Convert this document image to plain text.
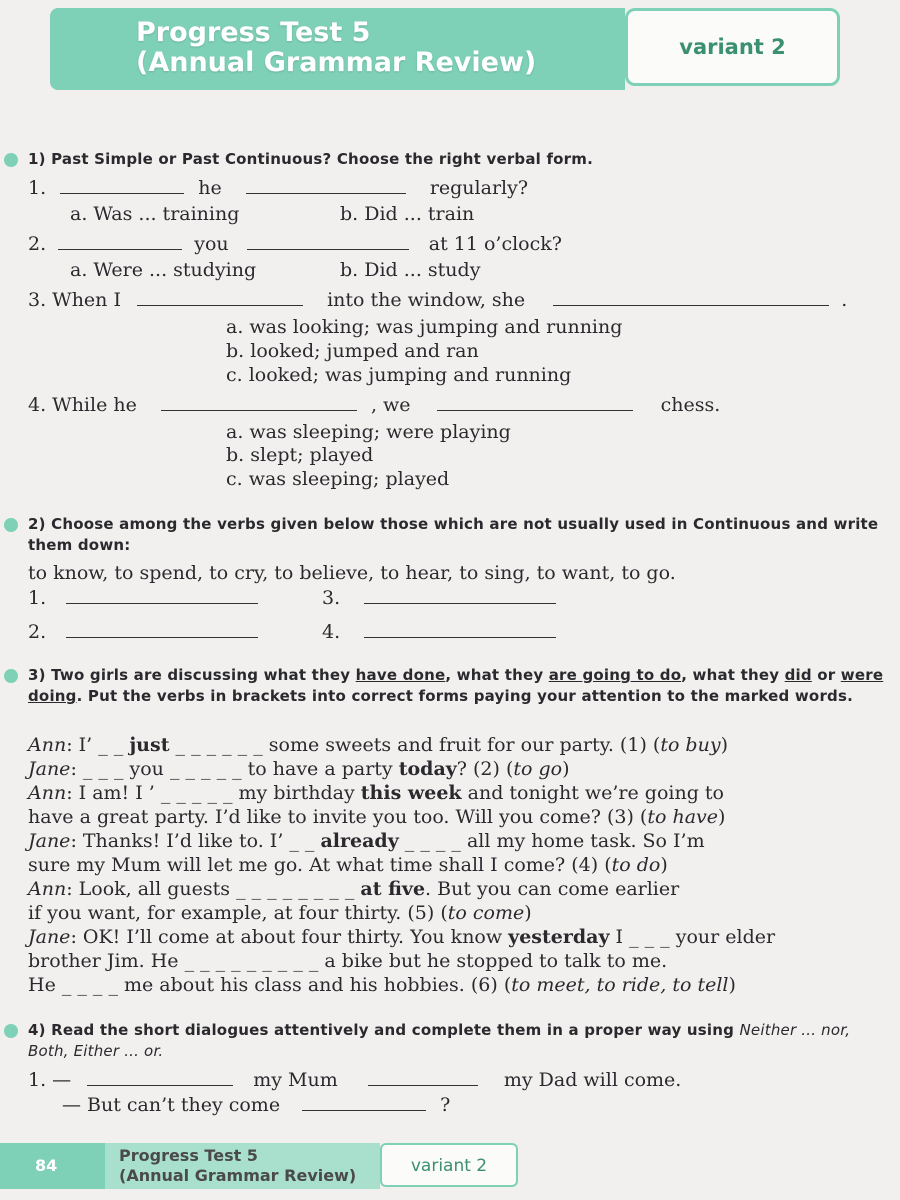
Progress Test 5
(Annual Grammar Review)	variant 2
1) Past Simple or Past Continuous? Choose the right verbal form.
1.	he	regularly?
a. Was ... training	b. Did ... train
2.	you	at 11 o’clock?
a. Were ... studying	b. Did ... study
3. When I	into the window, she	.
a. was looking; was jumping and running
b. looked; jumped and ran
c. looked; was jumping and running
4. While he	, we	chess.
a. was sleeping; were playing
b. slept; played
c. was sleeping; played
2) Choose among the verbs given below those which are not usually used in Continuous and write them down:
to know, to spend, to cry, to believe, to hear, to sing, to want, to go.
1.	3.
2.	4.
3) Two girls are discussing what they have done, what they are going to do, what they did or were doing. Put the verbs in brackets into correct forms paying your attention to the marked words.
Ann: I’ _ _ just _ _ _ _ _ _ some sweets and fruit for our party. (1) (to buy)
Jane: _ _ _ you _ _ _ _ _ to have a party today? (2) (to go)
Ann: I am! I ’ _ _ _ _ _ my birthday this week and tonight we’re going to
have a great party. I’d like to invite you too. Will you come? (3) (to have)
Jane: Thanks! I’d like to. I’ _ _ already _ _ _ _ all my home task. So I’m
sure my Mum will let me go. At what time shall I come? (4) (to do)
Ann: Look, all guests _ _ _ _ _ _ _ _ at five. But you can come earlier
if you want, for example, at four thirty. (5) (to come)
Jane: OK! I’ll come at about four thirty. You know yesterday I _ _ _ your elder
brother Jim. He _ _ _ _ _ _ _ _ _ a bike but he stopped to talk to me.
He _ _ _ _ me about his class and his hobbies. (6) (to meet, to ride, to tell)
4) Read the short dialogues attentively and complete them in a proper way using Neither ... nor, Both, Either ... or.
1. —	my Mum	my Dad will come.
— But can’t they come	?
84
Progress Test 5
(Annual Grammar Review)	variant 2
